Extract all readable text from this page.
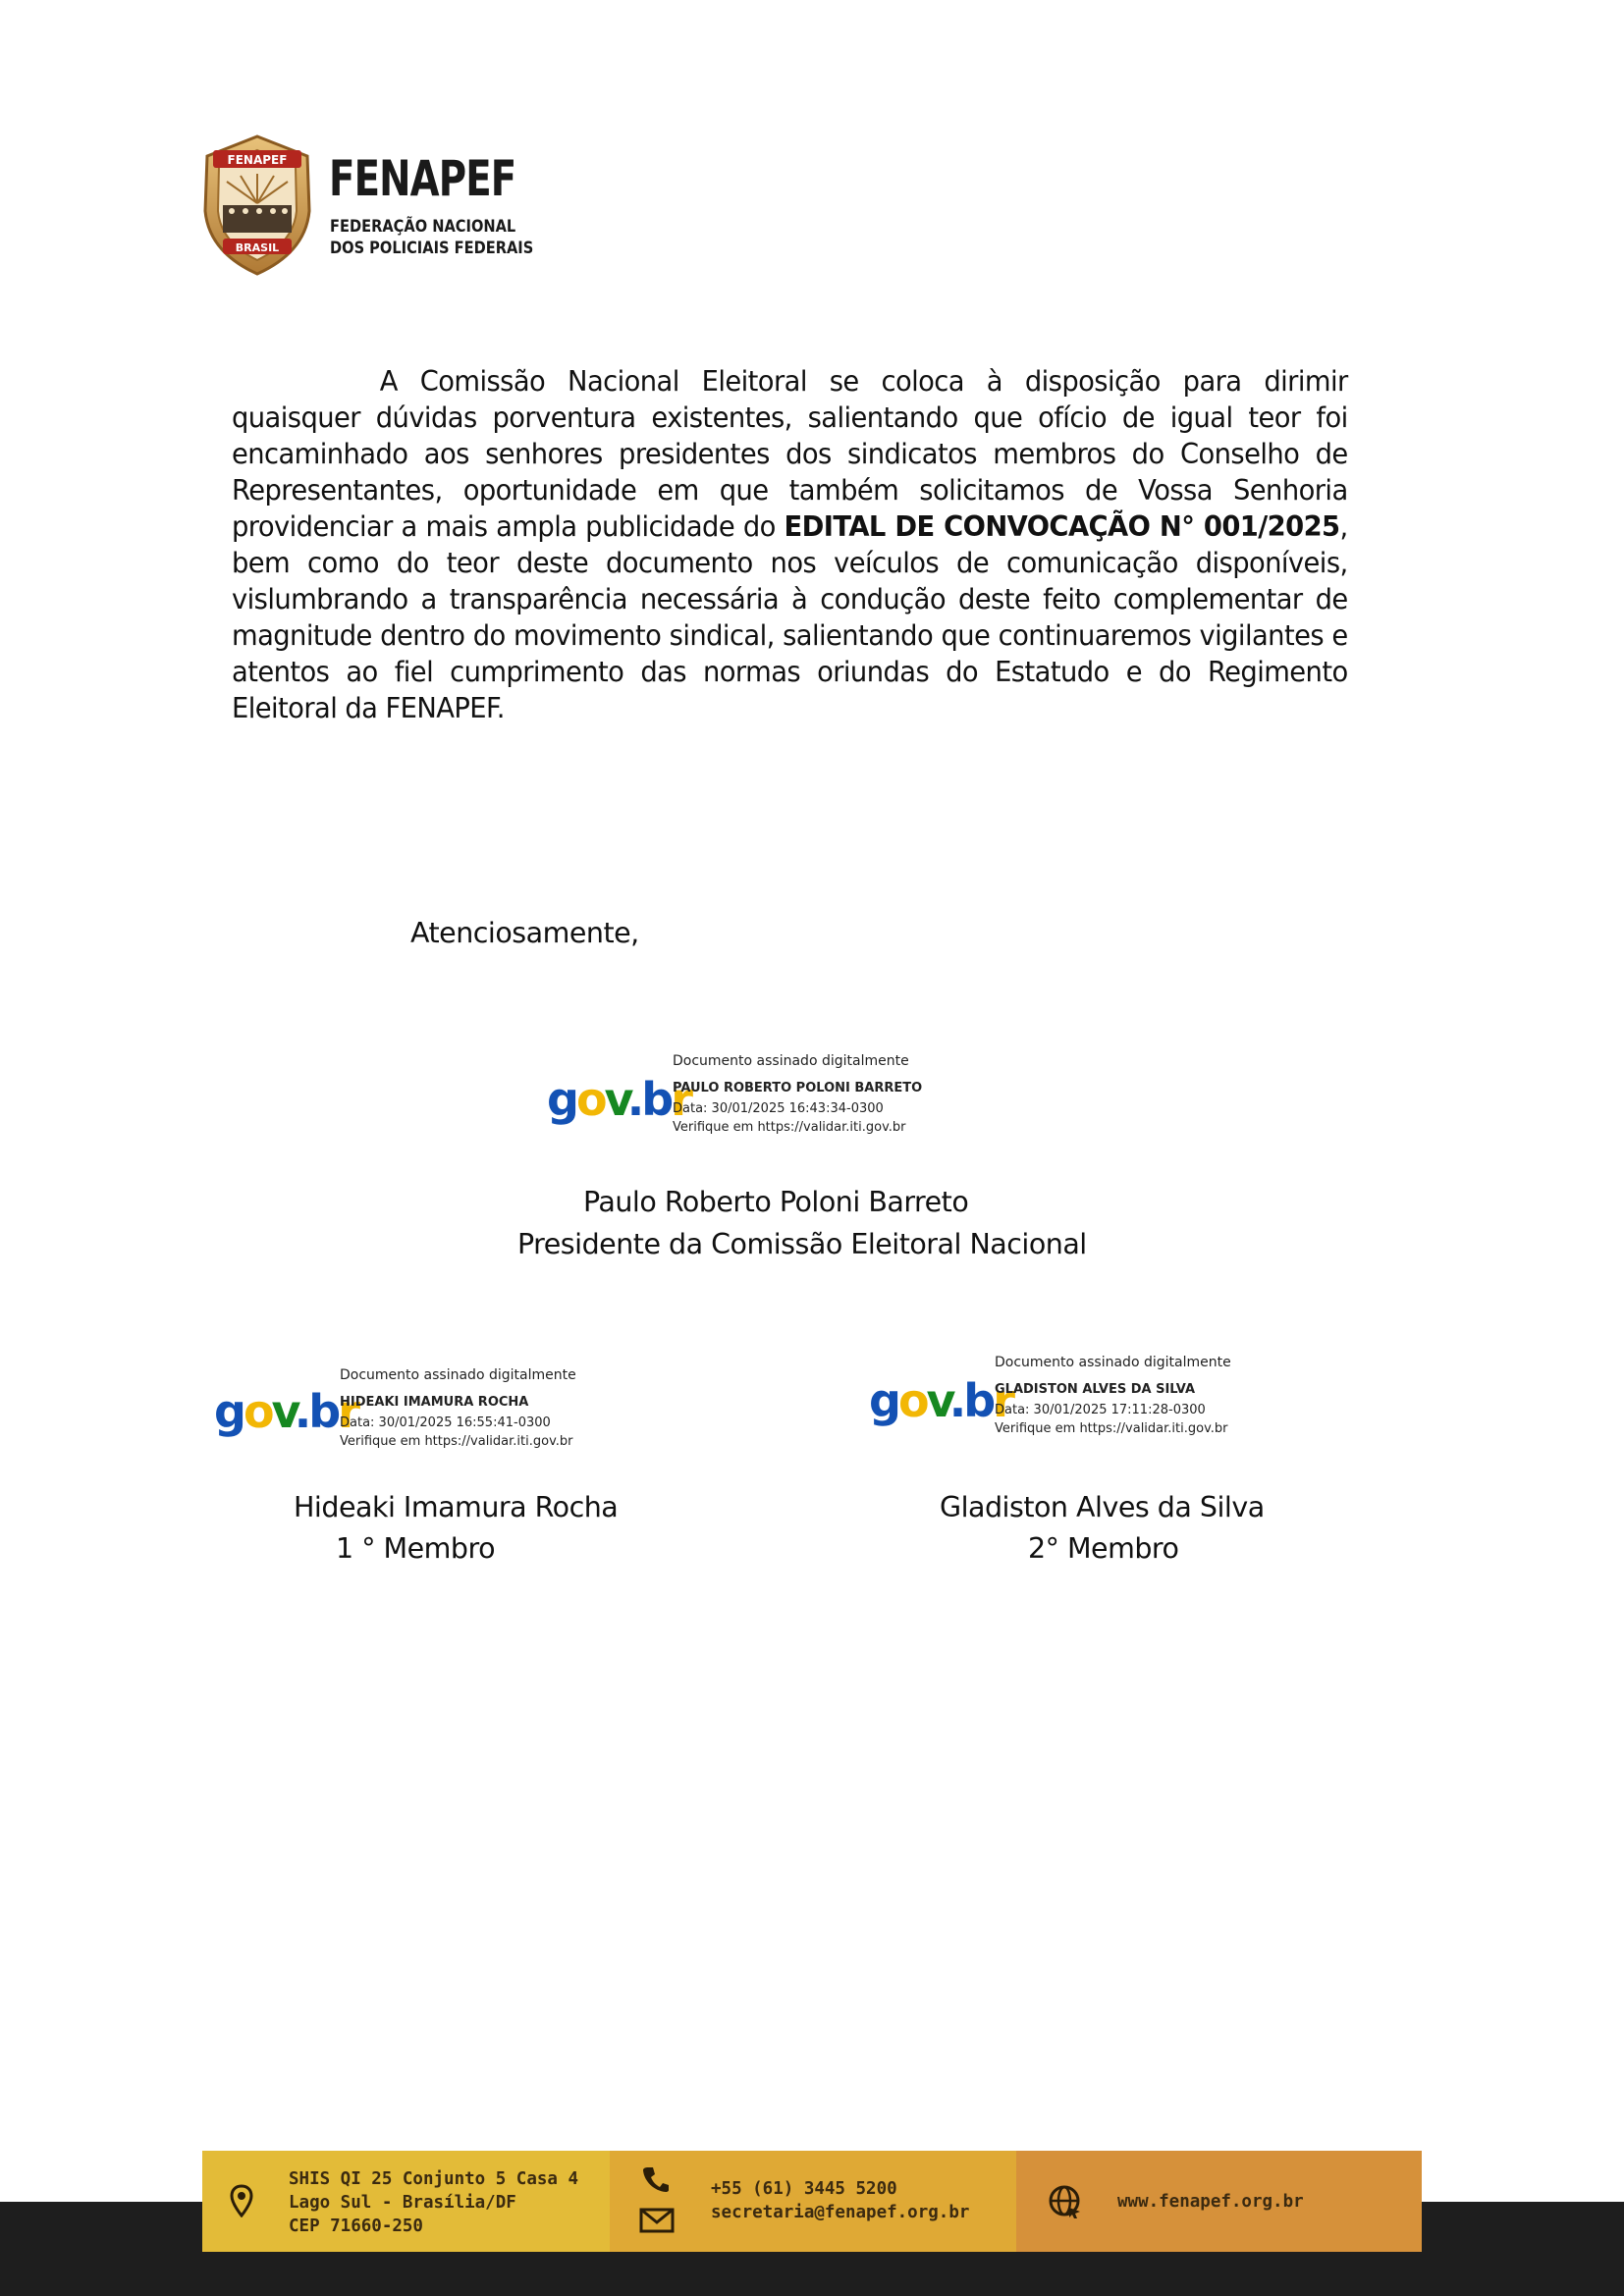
FENAPEF
BRASIL
FENAPEF
FEDERAÇÃO NACIONAL
DOS POLICIAIS FEDERAIS
A Comissão Nacional Eleitoral se coloca à disposição para dirimir quaisquer dúvidas porventura existentes, salientando que ofício de igual teor foi encaminhado aos senhores presidentes dos sindicatos membros do Conselho de Representantes, oportunidade em que também solicitamos de Vossa Senhoria providenciar a mais ampla publicidade do EDITAL DE CONVOCAÇÃO N° 001/2025, bem como do teor deste documento nos veículos de comunicação disponíveis, vislumbrando a transparência necessária à condução deste feito complementar de magnitude dentro do movimento sindical, salientando que continuaremos vigilantes e atentos ao fiel cumprimento das normas oriundas do Estatudo e do Regimento Eleitoral da FENAPEF.
Atenciosamente,
gov.br
Documento assinado digitalmente
PAULO ROBERTO POLONI BARRETO
Data: 30/01/2025 16:43:34-0300
Verifique em https://validar.iti.gov.br
Paulo Roberto Poloni Barreto
Presidente da Comissão Eleitoral Nacional
gov.br
Documento assinado digitalmente
HIDEAKI IMAMURA ROCHA
Data: 30/01/2025 16:55:41-0300
Verifique em https://validar.iti.gov.br
Hideaki Imamura Rocha
1 ° Membro
gov.br
Documento assinado digitalmente
GLADISTON ALVES DA SILVA
Data: 30/01/2025 17:11:28-0300
Verifique em https://validar.iti.gov.br
Gladiston Alves da Silva
2° Membro
SHIS QI 25 Conjunto 5 Casa 4
Lago Sul - Brasília/DF
CEP 71660-250
+55 (61) 3445 5200
secretaria@fenapef.org.br
www.fenapef.org.br
